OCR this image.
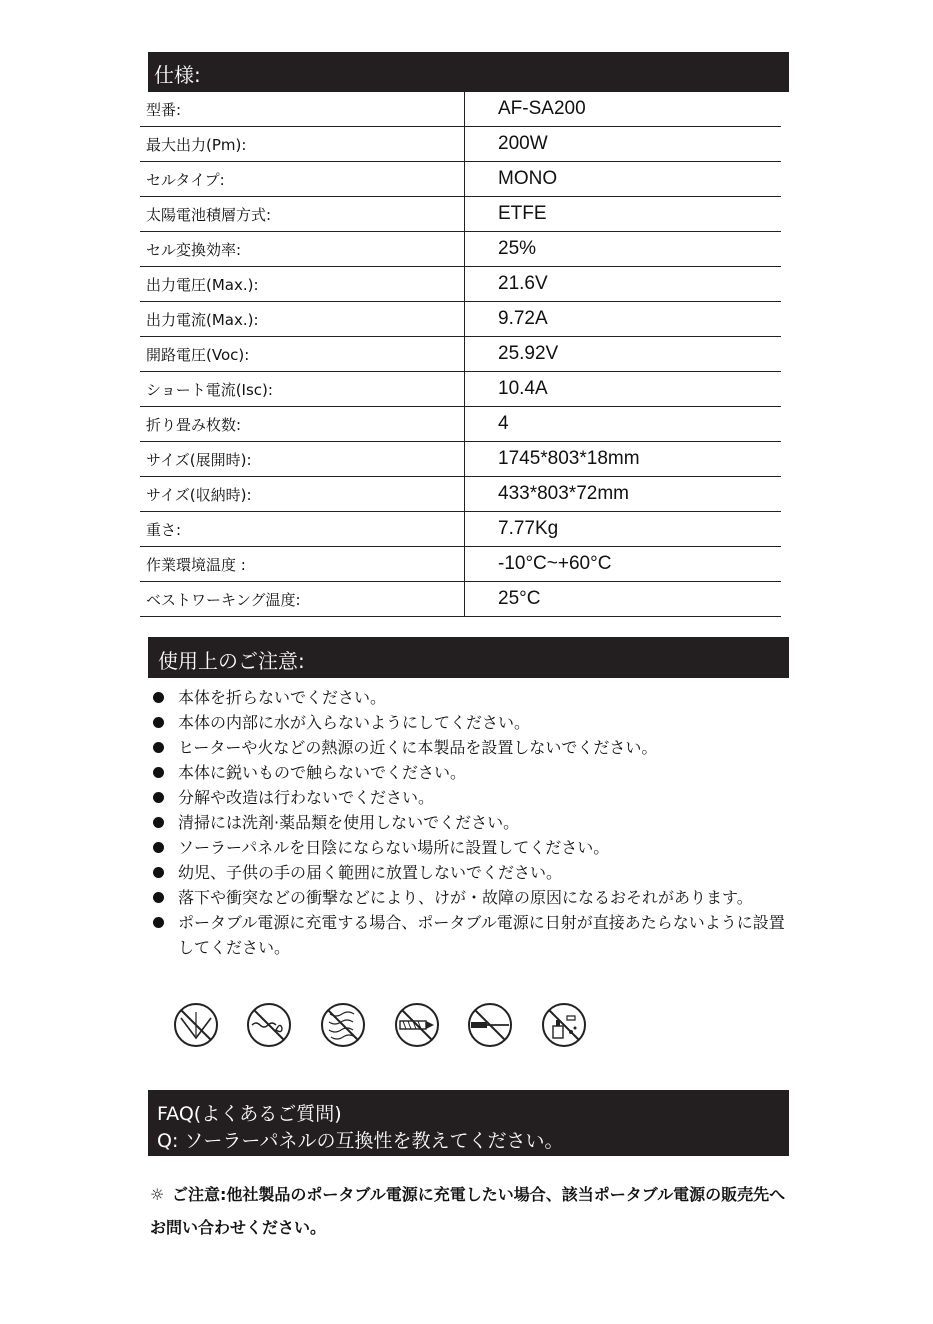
仕様:
型番:	AF-SA200
最大出力(Pm):	200W
セルタイプ:	MONO
太陽電池積層方式:	ETFE
セル変換効率:	25%
出力電圧(Max.):	21.6V
出力電流(Max.):	9.72A
開路電圧(Voc):	25.92V
ショート電流(Isc):	10.4A
折り畳み枚数:	4
サイズ(展開時):	1745*803*18mm
サイズ(収納時):	433*803*72mm
重さ:	7.77Kg
作業環境温度 :	-10°C~+60°C
ベストワーキング温度:	25°C
使用上のご注意:
本体を折らないでください。
本体の内部に水が入らないようにしてください。
ヒーターや火などの熱源の近くに本製品を設置しないでください。
本体に鋭いもので触らないでください。
分解や改造は行わないでください。
清掃には洗剤·薬品類を使用しないでください。
ソーラーパネルを日陰にならない場所に設置してください。
幼児、子供の手の届く範囲に放置しないでください。
落下や衝突などの衝撃などにより、けが・故障の原因になるおそれがあります。
ポータブル電源に充電する場合、ポータブル電源に日射が直接あたらないように設置してください。
FAQ(よくあるご質問)
Q: ソーラーパネルの互換性を教えてください。
☼ ご注意:他社製品のポータブル電源に充電したい場合、該当ポータブル電源の販売先へお問い合わせください。
